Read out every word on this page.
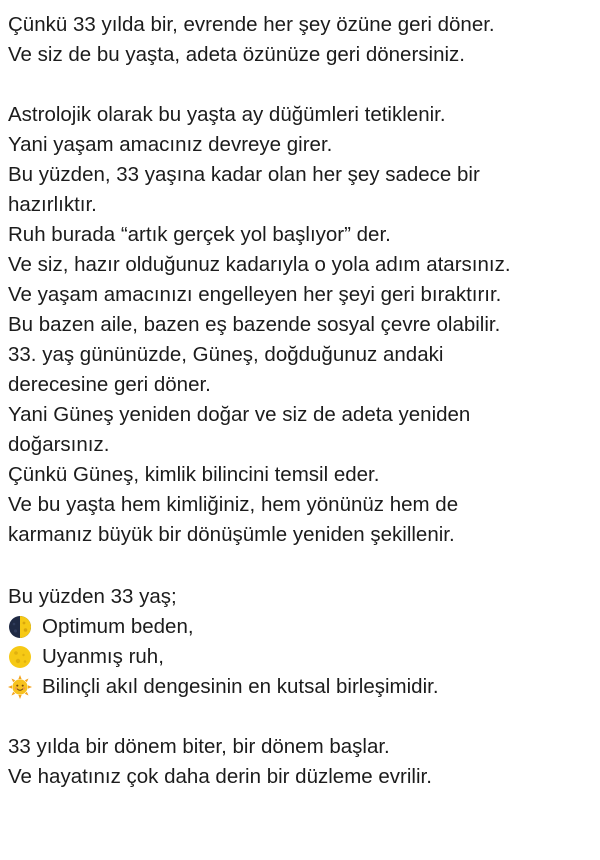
Çünkü 33 yılda bir, evrende her şey özüne geri döner.
Ve siz de bu yaşta, adeta özünüze geri dönersiniz.
Astrolojik olarak bu yaşta ay düğümleri tetiklenir.
Yani yaşam amacınız devreye girer.
Bu yüzden, 33 yaşına kadar olan her şey sadece bir
hazırlıktır.
Ruh burada “artık gerçek yol başlıyor” der.
Ve siz, hazır olduğunuz kadarıyla o yola adım atarsınız.
Ve yaşam amacınızı engelleyen her şeyi geri bıraktırır.
Bu bazen aile, bazen eş bazende sosyal çevre olabilir.
33. yaş gününüzde, Güneş, doğduğunuz andaki
derecesine geri döner.
Yani Güneş yeniden doğar ve siz de adeta yeniden
doğarsınız.
Çünkü Güneş, kimlik bilincini temsil eder.
Ve bu yaşta hem kimliğiniz, hem yönünüz hem de
karmanız büyük bir dönüşümle yeniden şekillenir.
Bu yüzden 33 yaş;
Optimum beden,
Uyanmış ruh,
Bilinçli akıl dengesinin en kutsal birleşimidir.
33 yılda bir dönem biter, bir dönem başlar.
Ve hayatınız çok daha derin bir düzleme evrilir.
